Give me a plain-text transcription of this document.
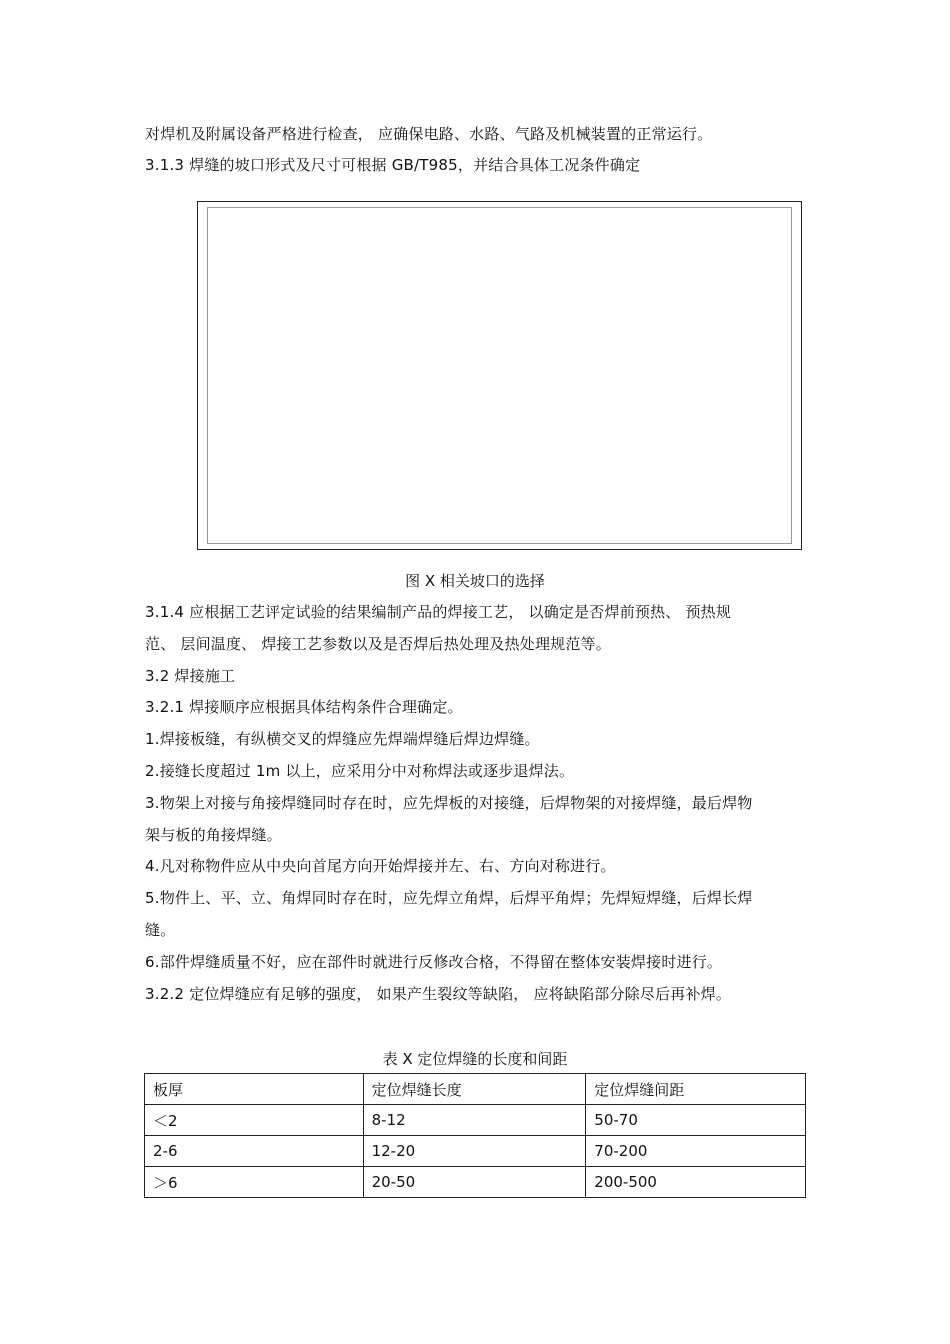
对焊机及附属设备严格进行检查， 应确保电路、水路、气路及机械装置的正常运行。
3.1.3 焊缝的坡口形式及尺寸可根据 GB/T985，并结合具体工况条件确定
图 X 相关坡口的选择
3.1.4 应根据工艺评定试验的结果编制产品的焊接工艺， 以确定是否焊前预热、 预热规
范、 层间温度、 焊接工艺参数以及是否焊后热处理及热处理规范等。
3.2 焊接施工
3.2.1 焊接顺序应根据具体结构条件合理确定。
1.焊接板缝，有纵横交叉的焊缝应先焊端焊缝后焊边焊缝。
2.接缝长度超过 1m 以上，应采用分中对称焊法或逐步退焊法。
3.物架上对接与角接焊缝同时存在时，应先焊板的对接缝，后焊物架的对接焊缝，最后焊物
架与板的角接焊缝。
4.凡对称物件应从中央向首尾方向开始焊接并左、右、方向对称进行。
5.物件上、平、立、角焊同时存在时，应先焊立角焊，后焊平角焊；先焊短焊缝，后焊长焊
缝。
6.部件焊缝质量不好，应在部件时就进行反修改合格，不得留在整体安装焊接时进行。
3.2.2 定位焊缝应有足够的强度， 如果产生裂纹等缺陷， 应将缺陷部分除尽后再补焊。
表 X 定位焊缝的长度和间距
板厚	定位焊缝长度	定位焊缝间距
＜2	8-12	50-70
2-6	12-20	70-200
＞6	20-50	200-500
